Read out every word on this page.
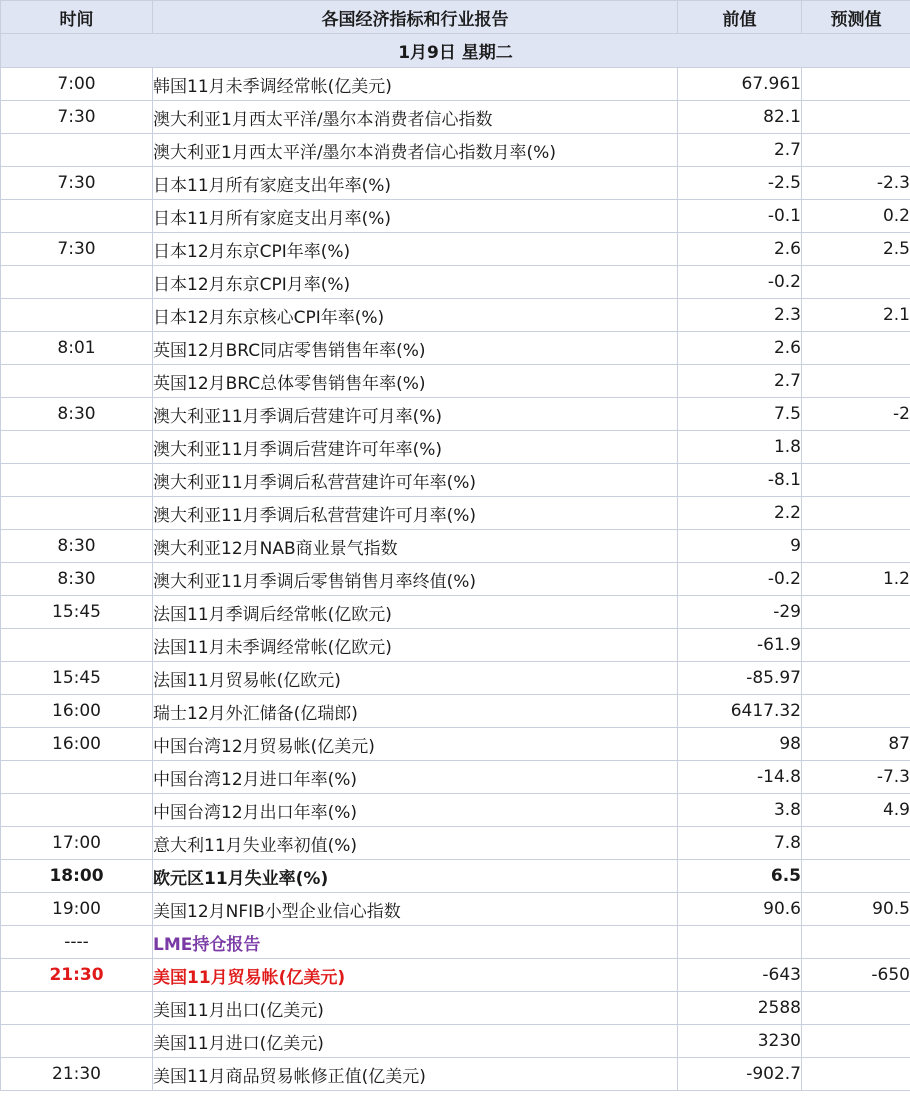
时间	各国经济指标和行业报告	前值	预测值
1月9日 星期二			
7:00	韩国11月未季调经常帐(亿美元)	67.961	
7:30	澳大利亚1月西太平洋/墨尔本消费者信心指数	82.1	
	澳大利亚1月西太平洋/墨尔本消费者信心指数月率(%)	2.7	
7:30	日本11月所有家庭支出年率(%)	-2.5	-2.3
	日本11月所有家庭支出月率(%)	-0.1	0.2
7:30	日本12月东京CPI年率(%)	2.6	2.5
	日本12月东京CPI月率(%)	-0.2	
	日本12月东京核心CPI年率(%)	2.3	2.1
8:01	英国12月BRC同店零售销售年率(%)	2.6	
	英国12月BRC总体零售销售年率(%)	2.7	
8:30	澳大利亚11月季调后营建许可月率(%)	7.5	-2
	澳大利亚11月季调后营建许可年率(%)	1.8	
	澳大利亚11月季调后私营营建许可年率(%)	-8.1	
	澳大利亚11月季调后私营营建许可月率(%)	2.2	
8:30	澳大利亚12月NAB商业景气指数	9	
8:30	澳大利亚11月季调后零售销售月率终值(%)	-0.2	1.2
15:45	法国11月季调后经常帐(亿欧元)	-29	
	法国11月未季调经常帐(亿欧元)	-61.9	
15:45	法国11月贸易帐(亿欧元)	-85.97	
16:00	瑞士12月外汇储备(亿瑞郎)	6417.32	
16:00	中国台湾12月贸易帐(亿美元)	98	87
	中国台湾12月进口年率(%)	-14.8	-7.3
	中国台湾12月出口年率(%)	3.8	4.9
17:00	意大利11月失业率初值(%)	7.8	
18:00	欧元区11月失业率(%)	6.5	
19:00	美国12月NFIB小型企业信心指数	90.6	90.5
----	LME持仓报告		
21:30	美国11月贸易帐(亿美元)	-643	-650
	美国11月出口(亿美元)	2588	
	美国11月进口(亿美元)	3230	
21:30	美国11月商品贸易帐修正值(亿美元)	-902.7	
